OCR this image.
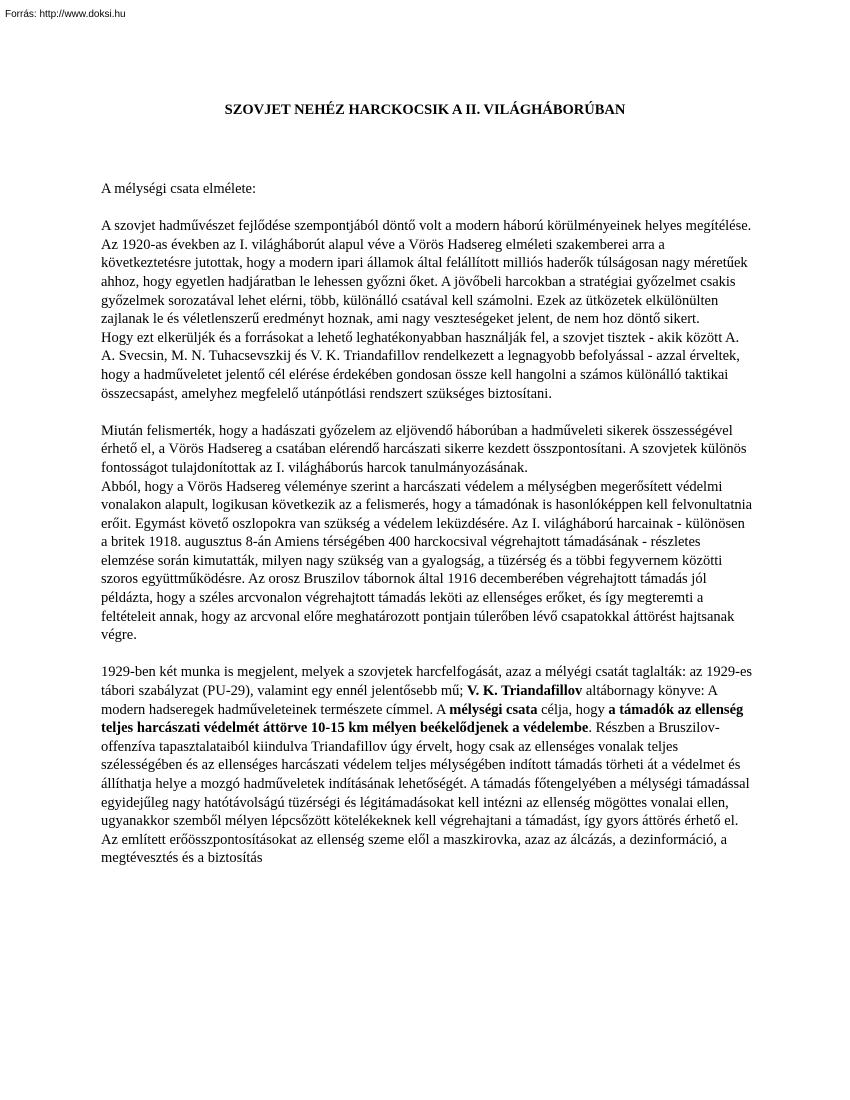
Forrás: http://www.doksi.hu
SZOVJET NEHÉZ HARCKOCSIK A II. VILÁGHÁBORÚBAN

A mélységi csata elmélete:

A szovjet hadművészet fejlődése szempontjából döntő volt a modern háború körülményeinek helyes megítélése. Az 1920-as években az I. világháborút alapul véve a Vörös Hadsereg elméleti szakemberei arra a következtetésre jutottak, hogy a modern ipari államok által felállított milliós haderők túlságosan nagy méretűek ahhoz, hogy egyetlen hadjáratban le lehessen győzni őket. A jövőbeli harcokban a stratégiai győzelmet csakis győzelmek sorozatával lehet elérni, több, különálló csatával kell számolni. Ezek az ütközetek elkülönülten zajlanak le és véletlenszerű eredményt hoznak, ami nagy veszteségeket jelent, de nem hoz döntő sikert.

Hogy ezt elkerüljék és a forrásokat a lehető leghatékonyabban használják fel, a szovjet tisztek - akik között A. A. Svecsin, M. N. Tuhacsevszkij és V. K. Triandafillov rendelkezett a legnagyobb befolyással - azzal érveltek, hogy a hadműveletet jelentő cél elérése érdekében gondosan össze kell hangolni a számos különálló taktikai összecsapást, amelyhez megfelelő utánpótlási rendszert szükséges biztosítani.

Miután felismerték, hogy a hadászati győzelem az eljövendő háborúban a hadműveleti sikerek összességével érhető el, a Vörös Hadsereg a csatában elérendő harcászati sikerre kezdett összpontosítani. A szovjetek különös fontosságot tulajdonítottak az I. világháborús harcok tanulmányozásának.

Abból, hogy a Vörös Hadsereg véleménye szerint a harcászati védelem a mélységben megerősített védelmi vonalakon alapult, logikusan következik az a felismerés, hogy a támadónak is hasonlóképpen kell felvonultatnia erőit. Egymást követő oszlopokra van szükség a védelem leküzdésére. Az I. világháború harcainak - különösen a britek 1918. augusztus 8-án Amiens térségében 400 harckocsival végrehajtott támadásának - részletes elemzése során kimutatták, milyen nagy szükség van a gyalogság, a tüzérség és a többi fegyvernem közötti szoros együttműködésre. Az orosz Bruszilov tábornok által 1916 decemberében végrehajtott támadás jól példázta, hogy a széles arcvonalon végrehajtott támadás leköti az ellenséges erőket, és így megteremti a feltételeit annak, hogy az arcvonal előre meghatározott pontjain túlerőben lévő csapatokkal áttörést hajtsanak végre.

1929-ben két munka is megjelent, melyek a szovjetek harcfelfogását, azaz a mélyégi csatát taglalták: az 1929-es tábori szabályzat (PU-29), valamint egy ennél jelentősebb mű; V. K. Triandafillov altábornagy könyve: A modern hadseregek hadműveleteinek természete címmel. A mélységi csata célja, hogy a támadók az ellenség teljes harcászati védelmét áttörve 10-15 km mélyen beékelődjenek a védelembe. Részben a Bruszilov-offenzíva tapasztalataiból kiindulva Triandafillov úgy érvelt, hogy csak az ellenséges vonalak teljes szélességében és az ellenséges harcászati védelem teljes mélységében indított támadás törheti át a védelmet és állíthatja helye a mozgó hadműveletek indításának lehetőségét. A támadás főtengelyében a mélységi támadással egyidejűleg nagy hatótávolságú tüzérségi és légitámadásokat kell intézni az ellenség mögöttes vonalai ellen, ugyanakkor szemből mélyen lépcsőzött kötelékeknek kell végrehajtani a támadást, így gyors áttörés érhető el. Az említett erőösszpontosításokat az ellenség szeme elől a maszkirovka, azaz az álcázás, a dezinformáció, a megtévesztés és a biztosítás
